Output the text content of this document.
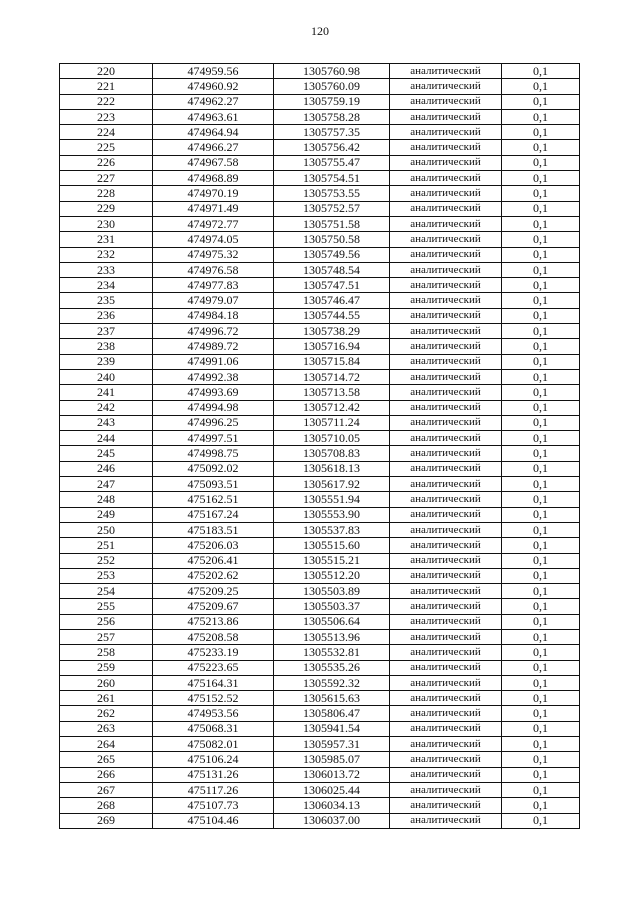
120
220	474959.56	1305760.98	аналитический	0,1
221	474960.92	1305760.09	аналитический	0,1
222	474962.27	1305759.19	аналитический	0,1
223	474963.61	1305758.28	аналитический	0,1
224	474964.94	1305757.35	аналитический	0,1
225	474966.27	1305756.42	аналитический	0,1
226	474967.58	1305755.47	аналитический	0,1
227	474968.89	1305754.51	аналитический	0,1
228	474970.19	1305753.55	аналитический	0,1
229	474971.49	1305752.57	аналитический	0,1
230	474972.77	1305751.58	аналитический	0,1
231	474974.05	1305750.58	аналитический	0,1
232	474975.32	1305749.56	аналитический	0,1
233	474976.58	1305748.54	аналитический	0,1
234	474977.83	1305747.51	аналитический	0,1
235	474979.07	1305746.47	аналитический	0,1
236	474984.18	1305744.55	аналитический	0,1
237	474996.72	1305738.29	аналитический	0,1
238	474989.72	1305716.94	аналитический	0,1
239	474991.06	1305715.84	аналитический	0,1
240	474992.38	1305714.72	аналитический	0,1
241	474993.69	1305713.58	аналитический	0,1
242	474994.98	1305712.42	аналитический	0,1
243	474996.25	1305711.24	аналитический	0,1
244	474997.51	1305710.05	аналитический	0,1
245	474998.75	1305708.83	аналитический	0,1
246	475092.02	1305618.13	аналитический	0,1
247	475093.51	1305617.92	аналитический	0,1
248	475162.51	1305551.94	аналитический	0,1
249	475167.24	1305553.90	аналитический	0,1
250	475183.51	1305537.83	аналитический	0,1
251	475206.03	1305515.60	аналитический	0,1
252	475206.41	1305515.21	аналитический	0,1
253	475202.62	1305512.20	аналитический	0,1
254	475209.25	1305503.89	аналитический	0,1
255	475209.67	1305503.37	аналитический	0,1
256	475213.86	1305506.64	аналитический	0,1
257	475208.58	1305513.96	аналитический	0,1
258	475233.19	1305532.81	аналитический	0,1
259	475223.65	1305535.26	аналитический	0,1
260	475164.31	1305592.32	аналитический	0,1
261	475152.52	1305615.63	аналитический	0,1
262	474953.56	1305806.47	аналитический	0,1
263	475068.31	1305941.54	аналитический	0,1
264	475082.01	1305957.31	аналитический	0,1
265	475106.24	1305985.07	аналитический	0,1
266	475131.26	1306013.72	аналитический	0,1
267	475117.26	1306025.44	аналитический	0,1
268	475107.73	1306034.13	аналитический	0,1
269	475104.46	1306037.00	аналитический	0,1
